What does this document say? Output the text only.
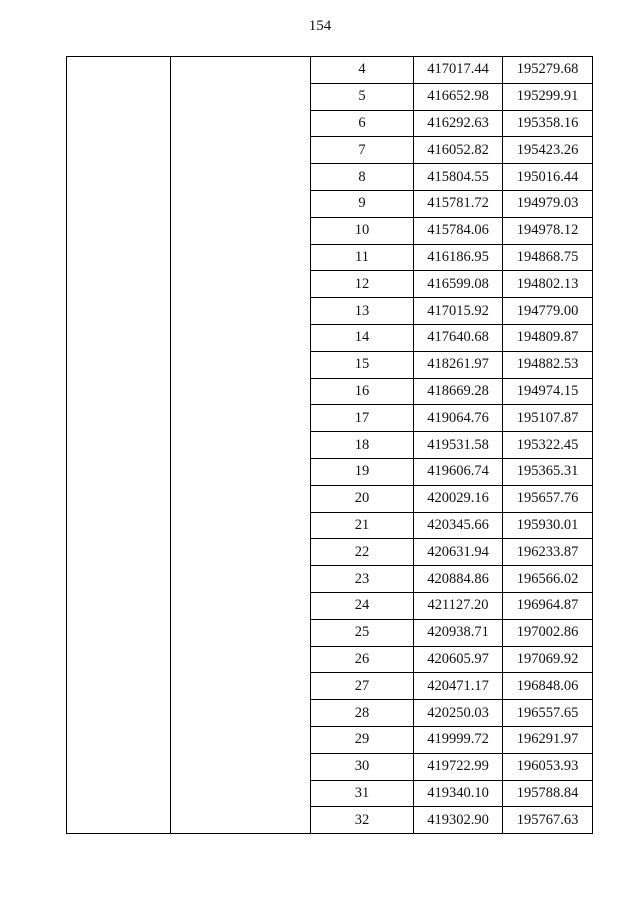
154

4	417017.44	195279.68
5	416652.98	195299.91
6	416292.63	195358.16
7	416052.82	195423.26
8	415804.55	195016.44
9	415781.72	194979.03
10	415784.06	194978.12
11	416186.95	194868.75
12	416599.08	194802.13
13	417015.92	194779.00
14	417640.68	194809.87
15	418261.97	194882.53
16	418669.28	194974.15
17	419064.76	195107.87
18	419531.58	195322.45
19	419606.74	195365.31
20	420029.16	195657.76
21	420345.66	195930.01
22	420631.94	196233.87
23	420884.86	196566.02
24	421127.20	196964.87
25	420938.71	197002.86
26	420605.97	197069.92
27	420471.17	196848.06
28	420250.03	196557.65
29	419999.72	196291.97
30	419722.99	196053.93
31	419340.10	195788.84
32	419302.90	195767.63
